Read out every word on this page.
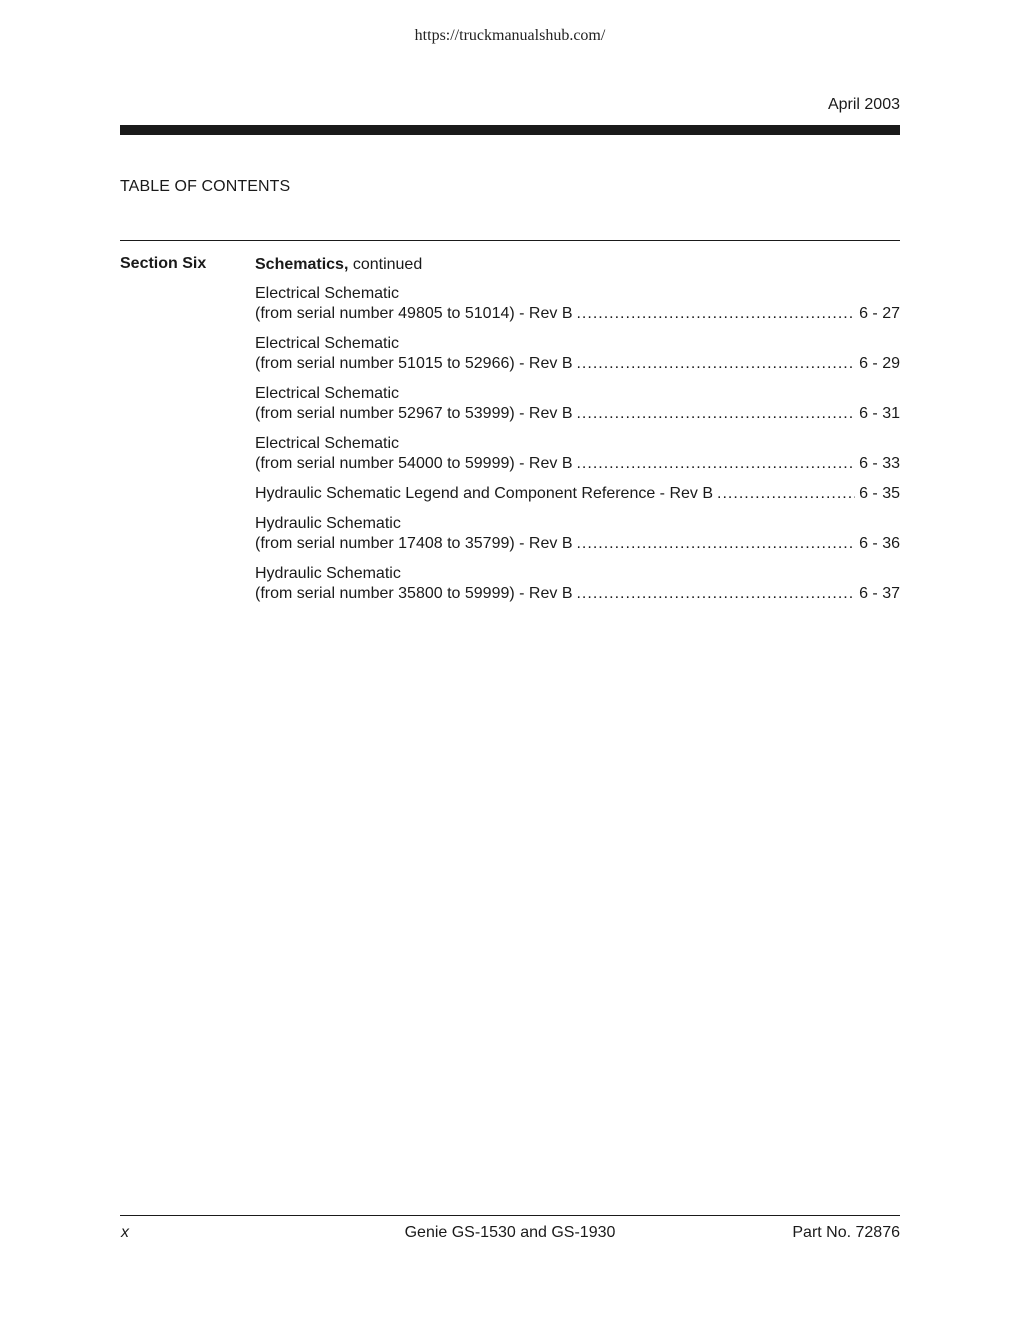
https://truckmanualshub.com/
April 2003
TABLE OF CONTENTS
Section Six	Schematics, continued
Electrical Schematic
(from serial number 49805 to 51014) - Rev B .....	6 - 27
Electrical Schematic
(from serial number 51015 to 52966) - Rev B .....	6 - 29
Electrical Schematic
(from serial number 52967 to 53999) - Rev B .....	6 - 31
Electrical Schematic
(from serial number 54000 to 59999) - Rev B .....	6 - 33
Hydraulic Schematic Legend and Component Reference - Rev B .....	6 - 35
Hydraulic Schematic
(from serial number 17408 to 35799) - Rev B .....	6 - 36
Hydraulic Schematic
(from serial number 35800 to 59999) - Rev B .....	6 - 37
x	Genie GS-1530 and GS-1930	Part No. 72876
